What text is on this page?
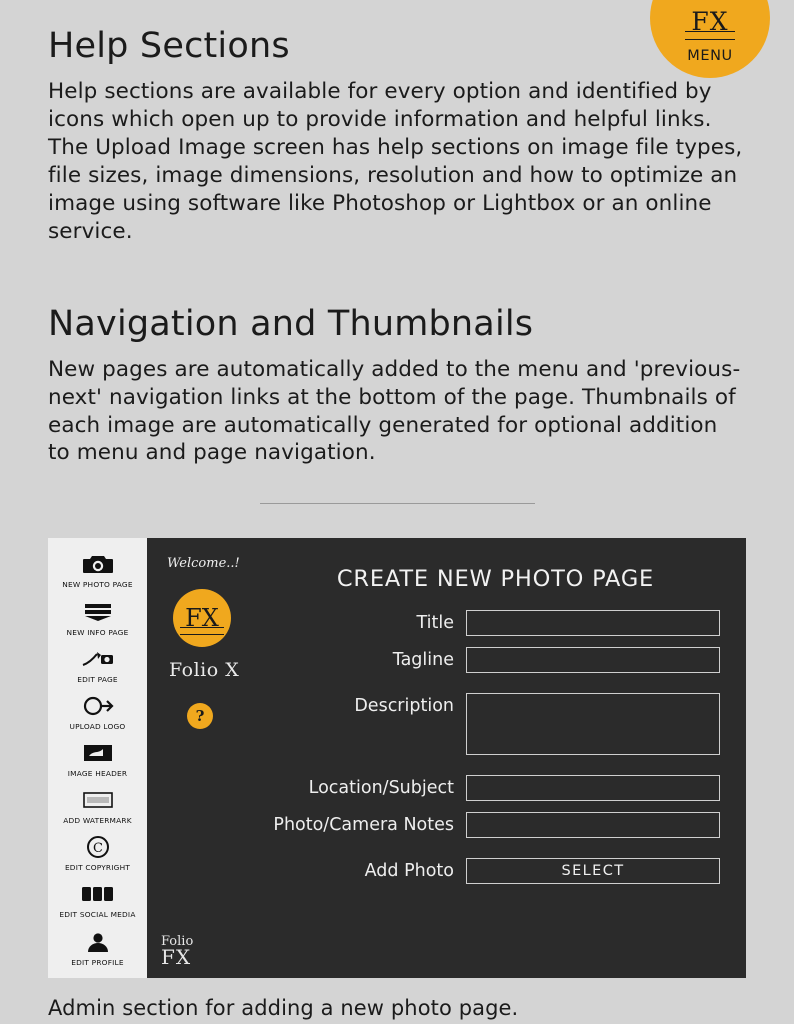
FX
MENU
Help Sections

Help sections are available for every option and identified by icons which open up to provide information and helpful links. The Upload Image screen has help sections on image file types, file sizes, image dimensions, resolution and how to optimize an image using software like Photoshop or Lightbox or an online service.

Navigation and Thumbnails

New pages are automatically added to the menu and 'previous-next' navigation links at the bottom of the page. Thumbnails of each image are automatically generated for optional addition to menu and page navigation.

NEW PHOTO PAGE
NEW INFO PAGE
EDIT PAGE
UPLOAD LOGO
IMAGE HEADER
ADD WATERMARK
C
EDIT COPYRIGHT
EDIT SOCIAL MEDIA
EDIT PROFILE
Welcome..!
FX
Folio X
?
Folio
FX
CREATE NEW PHOTO PAGE
Title
Tagline
Description
Location/Subject
Photo/Camera Notes
Add Photo	SELECT
Admin section for adding a new photo page.
